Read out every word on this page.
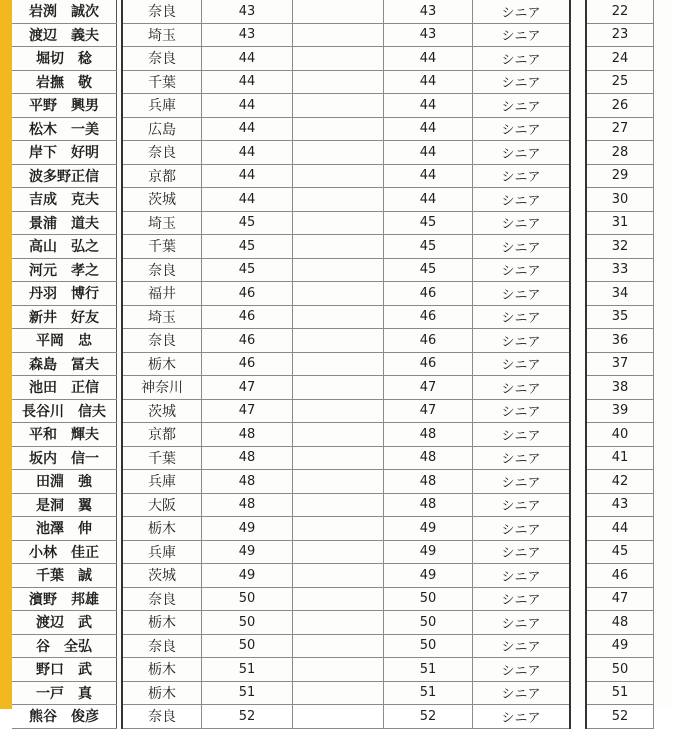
岩渕　誠次		奈良	43		43	シニア		22
渡辺　義夫		埼玉	43		43	シニア		23
堀切　稔		奈良	44		44	シニア		24
岩撫　敬		千葉	44		44	シニア		25
平野　興男		兵庫	44		44	シニア		26
松木　一美		広島	44		44	シニア		27
岸下　好明		奈良	44		44	シニア		28
波多野正信		京都	44		44	シニア		29
吉成　克夫		茨城	44		44	シニア		30
景浦　道夫		埼玉	45		45	シニア		31
高山　弘之		千葉	45		45	シニア		32
河元　孝之		奈良	45		45	シニア		33
丹羽　博行		福井	46		46	シニア		34
新井　好友		埼玉	46		46	シニア		35
平岡　忠		奈良	46		46	シニア		36
森島　冨夫		栃木	46		46	シニア		37
池田　正信		神奈川	47		47	シニア		38
長谷川　信夫		茨城	47		47	シニア		39
平和　輝夫		京都	48		48	シニア		40
坂内　信一		千葉	48		48	シニア		41
田淵　強		兵庫	48		48	シニア		42
是洞　翼		大阪	48		48	シニア		43
池澤　伸		栃木	49		49	シニア		44
小林　佳正		兵庫	49		49	シニア		45
千葉　誠		茨城	49		49	シニア		46
濱野　邦雄		奈良	50		50	シニア		47
渡辺　武		栃木	50		50	シニア		48
谷　全弘		奈良	50		50	シニア		49
野口　武		栃木	51		51	シニア		50
一戸　真		栃木	51		51	シニア		51
熊谷　俊彦		奈良	52		52	シニア		52
